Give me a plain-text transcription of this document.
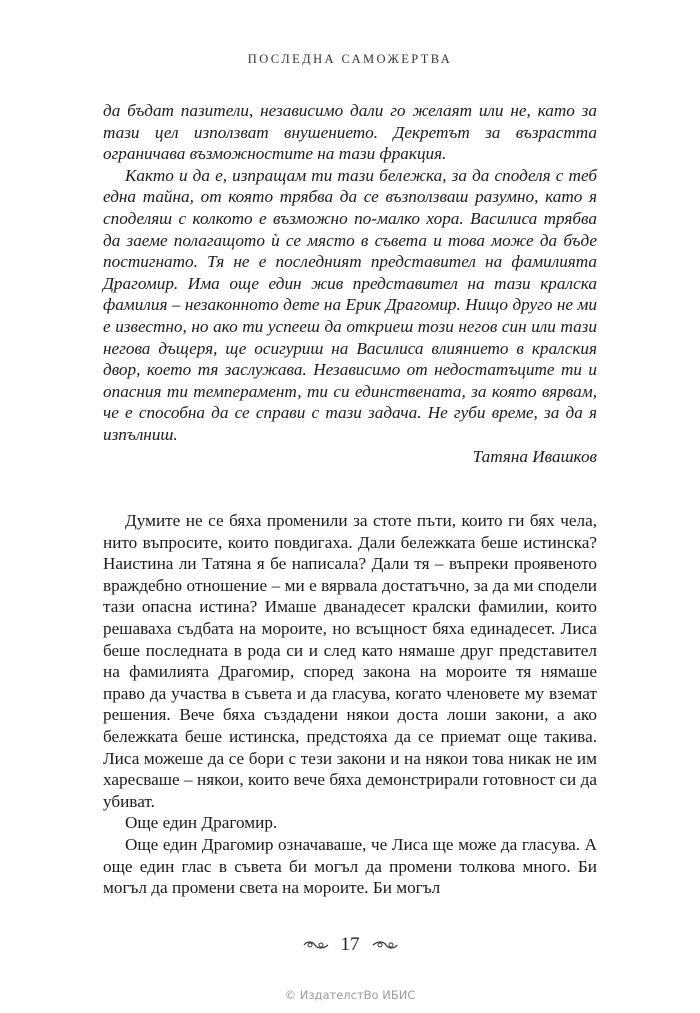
ПОСЛЕДНА САМОЖЕРТВА

да бъдат пазители, независимо дали го желаят или не, като за тази цел използват внушението. Декретът за възрастта ограничава възможностите на тази фракция.

Както и да е, изпращам ти тази бележка, за да споделя с теб една тайна, от която трябва да се възползваш разумно, като я споделяш с колкото е възможно по-малко хора. Василиса трябва да заеме полагащото ѝ се място в съвета и това може да бъде постигнато. Тя не е последният представител на фамилията Драгомир. Има още един жив представител на тази кралска фамилия – незаконното дете на Ерик Драгомир. Нищо друго не ми е известно, но ако ти успееш да откриеш този негов син или тази негова дъщеря, ще осигуриш на Василиса влиянието в кралския двор, което тя заслужава. Независимо от недостатъците ти и опасния ти темперамент, ти си единствената, за която вярвам, че е способна да се справи с тази задача. Не губи време, за да я изпълниш.

Татяна Ивашков

Думите не се бяха променили за стоте пъти, които ги бях чела, нито въпросите, които повдигаха. Дали бележката беше истинска? Наистина ли Татяна я бе написала? Дали тя – въпреки проявеното враждебно отношение – ми е вярвала достатъчно, за да ми сподели тази опасна истина? Имаше дванадесет кралски фамилии, които решаваха съдбата на мороите, но всъщност бяха единадесет. Лиса беше последната в рода си и след като нямаше друг представител на фамилията Драгомир, според закона на мороите тя нямаше право да участва в съвета и да гласува, когато членовете му вземат решения. Вече бяха създадени някои доста лоши закони, а ако бележката беше истинска, предстояха да се приемат още такива. Лиса можеше да се бори с тези закони и на някои това никак не им харесваше – някои, които вече бяха демонстрирали готовност си да убиват.

Още един Драгомир.

Още един Драгомир означаваше, че Лиса ще може да гласува. А още един глас в съвета би могъл да промени толкова много. Би могъл да промени света на мороите. Би могъл

17
© ИздателстВо ИБИС
